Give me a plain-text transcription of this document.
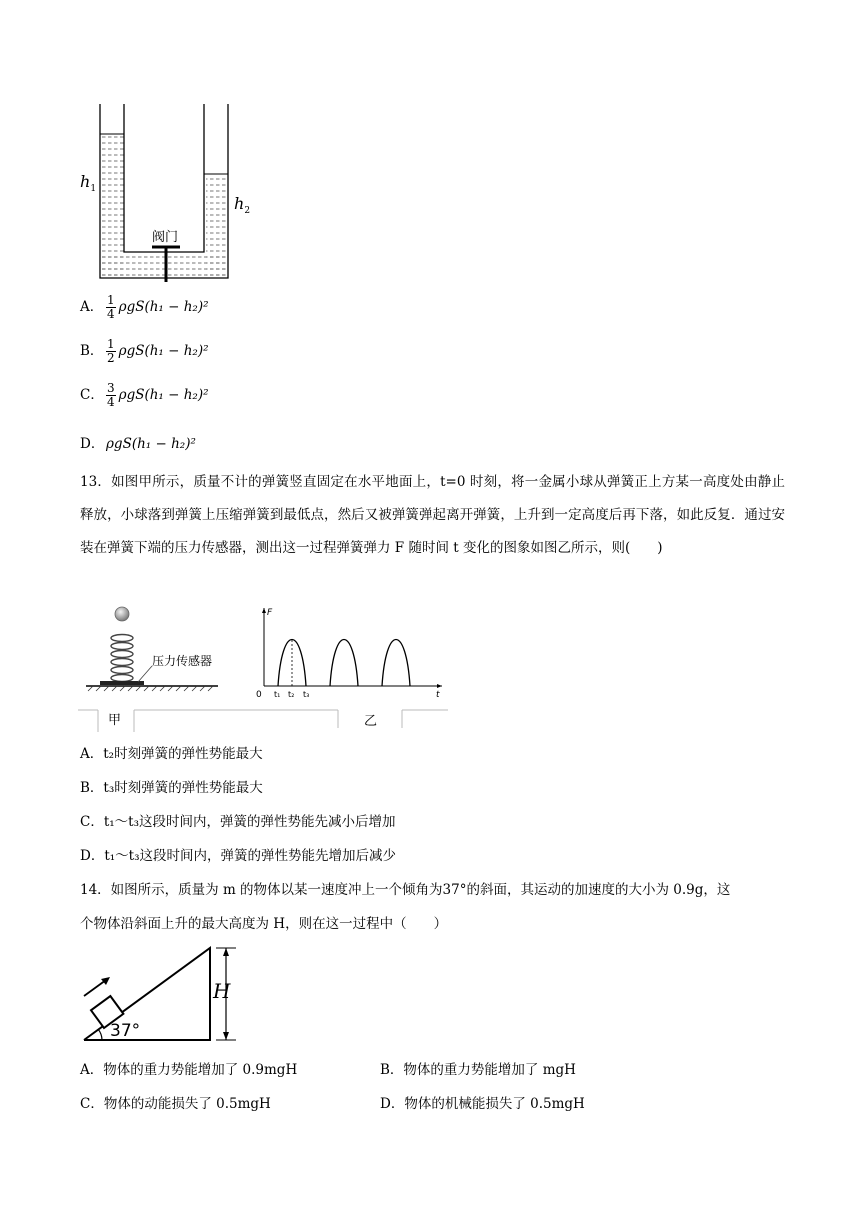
阀门
$h_1$
$h_2$
A． $\frac{1}{4} \rho gS(h_1 - h_2)^2$
B． $\frac{1}{2} \rho gS(h_1 - h_2)^2$
C． $\frac{3}{4} \rho gS(h_1 - h_2)^2$
D． ρgS(h₁ − h₂)²
13．如图甲所示，质量不计的弹簧竖直固定在水平地面上，t=0 时刻，将一金属小球从弹簧正上方某一高度处由静止释放，小球落到弹簧上压缩弹簧到最低点，然后又被弹簧弹起离开弹簧，上升到一定高度后再下落，如此反复．通过安装在弹簧下端的压力传感器，测出这一过程弹簧弹力 F 随时间 t 变化的图象如图乙所示，则(　　)
压力传感器
甲
F
t
0 t₁ t₂ t₃
乙
A．t₂时刻弹簧的弹性势能最大
B．t₃时刻弹簧的弹性势能最大
C．t₁～t₃这段时间内，弹簧的弹性势能先减小后增加
D．t₁～t₃这段时间内，弹簧的弹性势能先增加后减少
14．如图所示，质量为 m 的物体以某一速度冲上一个倾角为37°的斜面，其运动的加速度的大小为 0.9g，这
个物体沿斜面上升的最大高度为 H，则在这一过程中（　　）
37°
H
A．物体的重力势能增加了 0.9mgH	B．物体的重力势能增加了 mgH
C．物体的动能损失了 0.5mgH	D．物体的机械能损失了 0.5mgH
